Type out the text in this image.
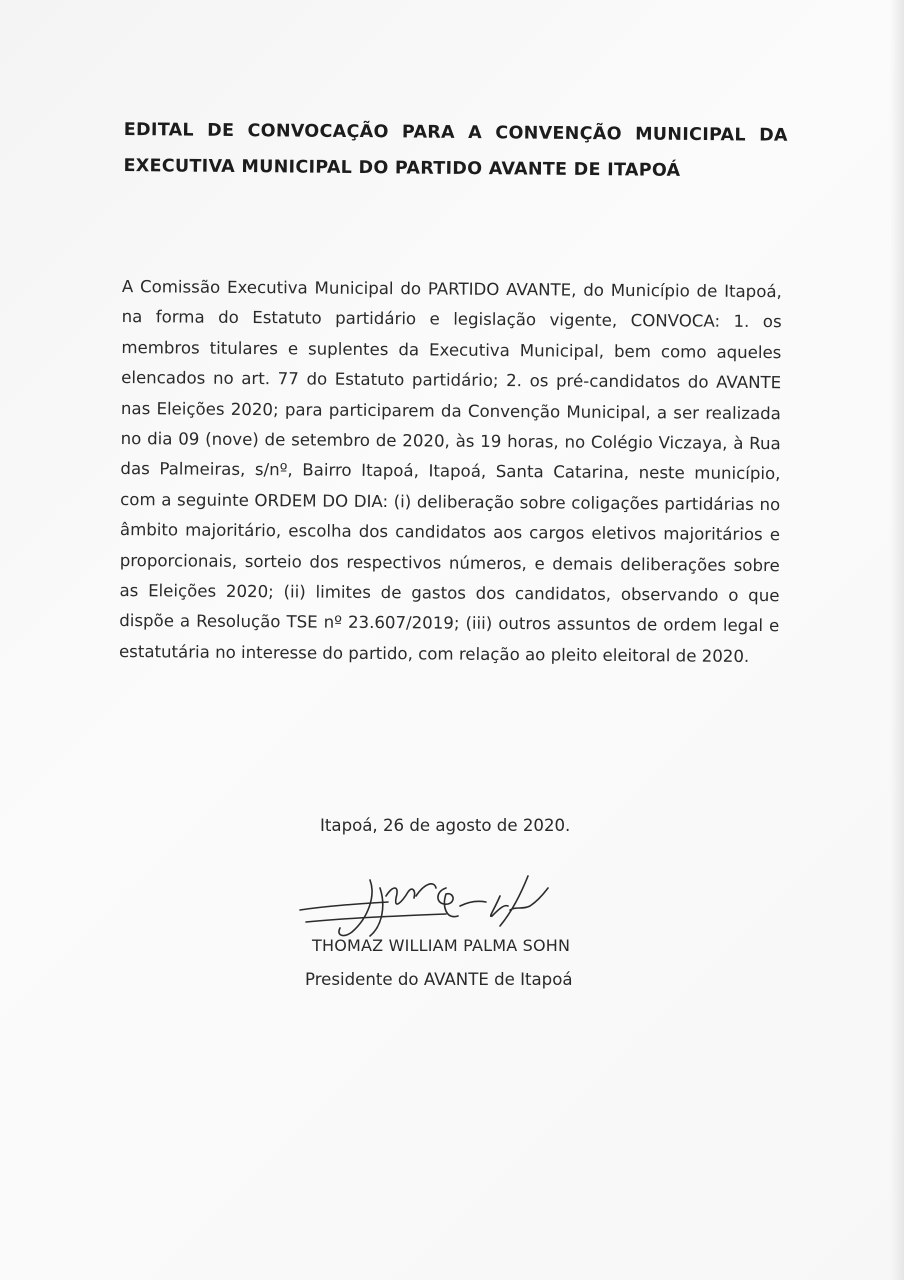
EDITAL DE CONVOCAÇÃO PARA A CONVENÇÃO MUNICIPAL DA
EXECUTIVA MUNICIPAL DO PARTIDO AVANTE DE ITAPOÁ

A Comissão Executiva Municipal do PARTIDO AVANTE, do Município de Itapoá, na forma do Estatuto partidário e legislação vigente, CONVOCA: 1. os membros titulares e suplentes da Executiva Municipal, bem como aqueles elencados no art. 77 do Estatuto partidário; 2. os pré-candidatos do AVANTE nas Eleições 2020; para participarem da Convenção Municipal, a ser realizada no dia 09 (nove) de setembro de 2020, às 19 horas, no Colégio Viczaya, à Rua das Palmeiras, s/nº, Bairro Itapoá, Itapoá, Santa Catarina, neste município, com a seguinte ORDEM DO DIA: (i) deliberação sobre coligações partidárias no âmbito majoritário, escolha dos candidatos aos cargos eletivos majoritários e proporcionais, sorteio dos respectivos números, e demais deliberações sobre as Eleições 2020; (ii) limites de gastos dos candidatos, observando o que dispõe a Resolução TSE nº 23.607/2019; (iii) outros assuntos de ordem legal e estatutária no interesse do partido, com relação ao pleito eleitoral de 2020.

Itapoá, 26 de agosto de 2020.

THOMAZ WILLIAM PALMA SOHN

Presidente do AVANTE de Itapoá
